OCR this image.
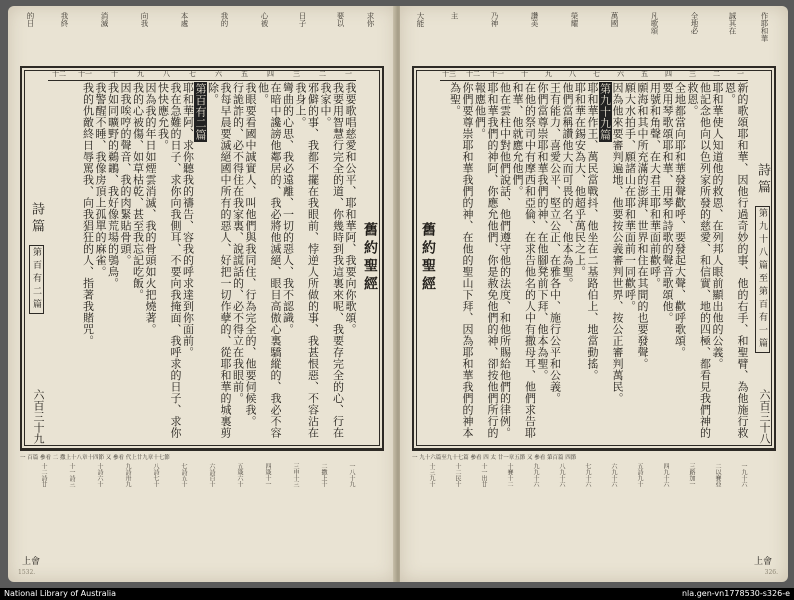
求你
要以
日子
心被
我的
本處
向我
消滅
我終
的日
一
二
三
四
五
六
七
八
九
十
十一
十二
舊約聖經

詩篇 第百有二篇	我要歌唱慈愛和公平、耶和華阿、我要向你歌頌。

我要用智慧行完全的道、你幾時到我這裏來呢、我要存完全的心、行在我家中。

邪僻的事、我都不擺在我眼前、悖逆人所做的事、我甚恨惡、不容沾在我身上。

彎曲的心思、我必遠離、一切的惡人、我不認識。

在暗中讒謗他鄰居的、我必將他滅絕、眼目高傲心裏驕縱的、我必不容他。

我眼要看國中誠實人、叫他們與我同住、行為完全的、他要伺候我。

行詭詐的、必不得住在我家裏、說謊話的、必不得立在我眼前。

我每早晨要滅絕國中所有的惡人、好把一切作孽的、從耶和華的城裏剪除。

第百有二篇

耶和華阿、求你聽我的禱告、容我的呼求達到你面前。

我在急難的日子、求你向我側耳、不要向我掩面、我呼求的日子、求你快快應允我。

因為我的年日如煙雲消滅、我的骨頭如火把燒著。

我的心被傷、如草枯乾、甚至我忘記吃飯。

因我唉哼的聲音、我的肉緊貼骨頭。

我如同曠野的鵜鶘、我好像荒場的鴞鳥。

我警醒不睡、我像房頂上孤單的麻雀。

我的仇敵終日辱罵我、向我猖狂的人、指著我賭咒。

六百三十九
一 百篇 參看 二 撒上十八章十四節 又 參看 代上廿九章十七節
一八十九
二撒上十
三申十三
四箴十一
五箴六十
六詩百十
七詩五十
八詩七十
九詩卅九
十詩六十
十一詩三
十二詩廿
上會
1532.
作耶和華
誠其在
全地必
凡歌頌
萬國
榮耀
讚美
乃神
主
大能
一
二
三
四
五
六
七
八
九
十
十一
十二
十三
舊約聖經
詩篇 第九十八篇至第百有一篇

新的歌頌耶和華、因他行過奇妙的事、他的右手、和聖臂、為他施行救恩。

耶和華使人知道他的救恩、在列邦人眼前顯出他的公義。

他記念他向以色列家所發的慈愛、和信實、地的四極、都看見我們神的救恩。

全地都當向耶和華發聲歡呼、要發起大聲、歡呼歌頌。

要用琴歌頌耶和華、用琴和詩歌的聲音歌頌他。

用號和角聲、在大君王耶和華面前歡呼。

願海和其中所充滿的澎湃、世界和住在其間的也要發聲。

願大水拍手、願諸山在耶和華面前一同歡呼。

因為他來要審判遍地、他要按公義審判世界、按公正審判萬民。

第九十九篇

耶和華作王、萬民當戰抖、他坐在二基路伯上、地當動搖。

耶和華在錫安為大、他超乎萬民之上。

他們當稱讚他大而可畏的名、他本為聖。

王有能力、喜愛公平、堅立公正、在雅各中、施行公平和公義。

你們當尊崇耶和華我們的神、在他腳凳前下拜、他本為聖。

在他的祭司中有摩西和亞倫、在求告他名的人中有撒母耳、他們求告耶和華、他就應允他們。

他在雲柱中對他們說話、他們遵守他的法度、和他所賜給他們的律例。

耶和華我們的神阿、你應允他們、你是赦免他們的神、卻按他們所行的報應他們。

你們要尊崇耶和華我們的神、在他的聖山下拜、因為耶和華我們的神本為聖。

六百三十八
一 九十六篇至九十七篇 參看 四 太 廿一章五節 又 參看 第百篇 四節
一九十六
二以賽亞
三路加一
四九十六
五詩九十
六九十六
七九十六
八九十六
九九十六
十賽十二
十一出廿
十二民十
十三九十
上會
326.
National Library of Australia	nla.gen-vn1778530-s326-e
